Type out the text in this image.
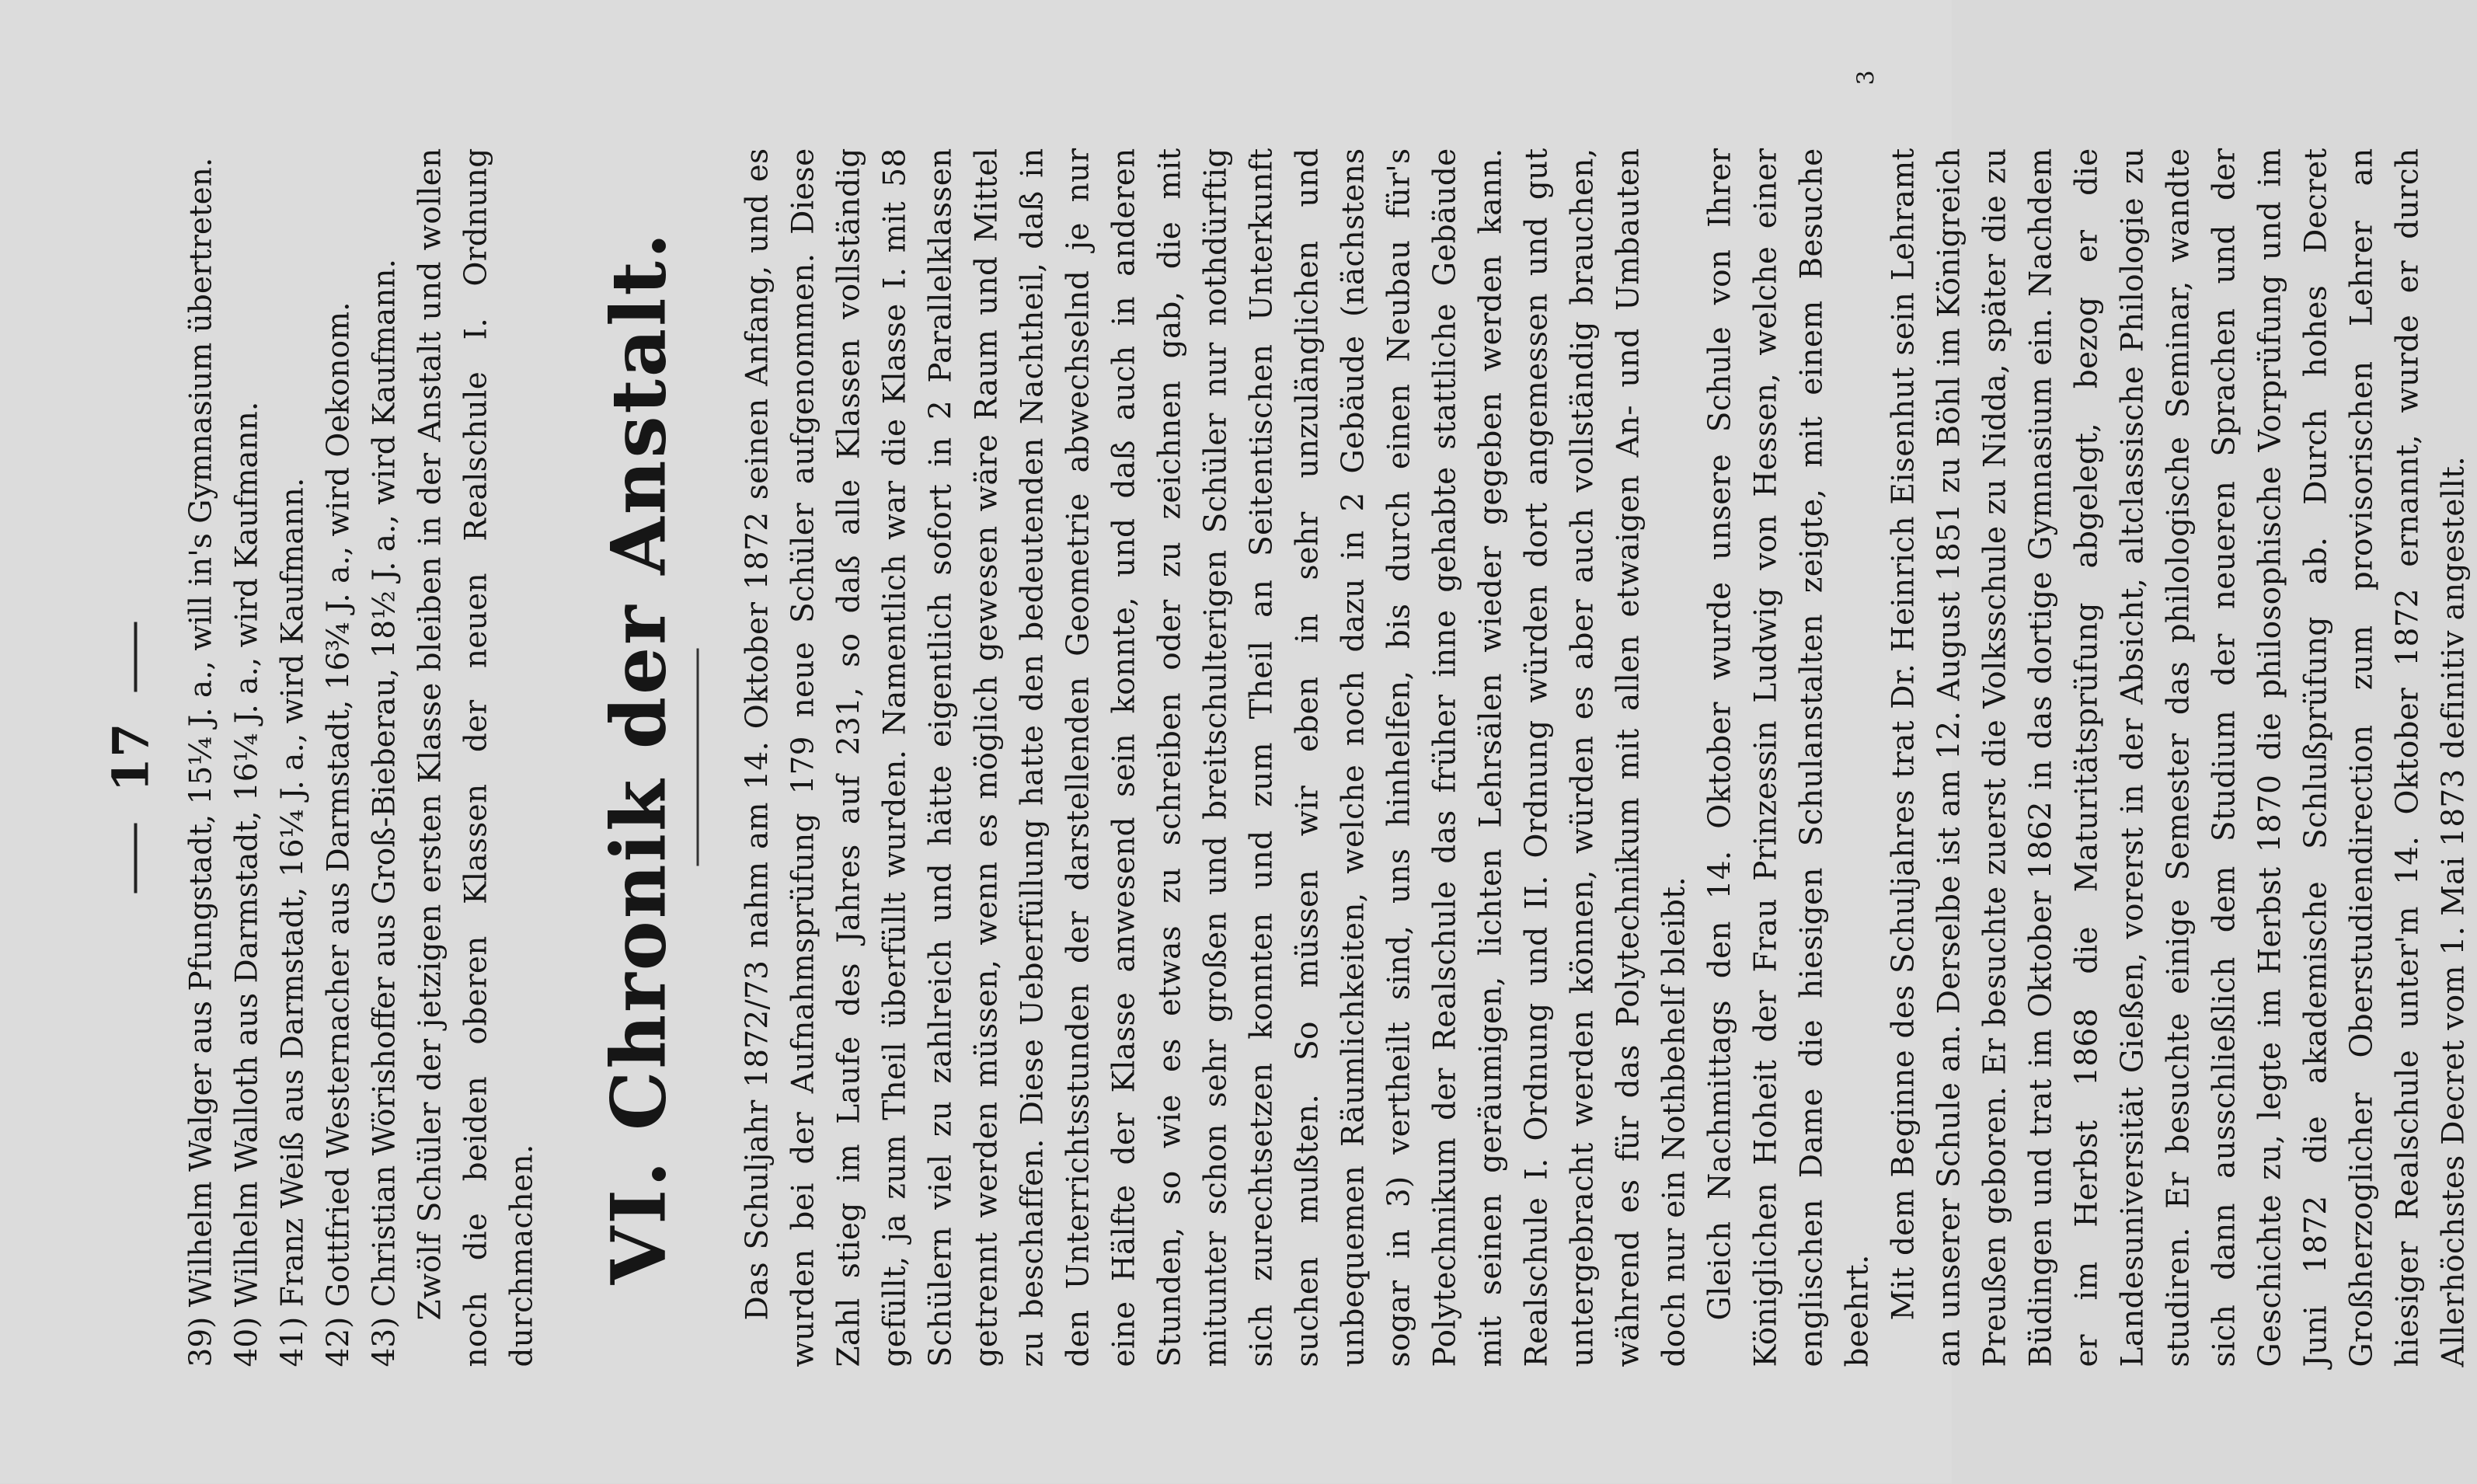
17 39) Wilhelm Walger aus Pfungstadt, 15¼ J. a., will in's Gymnasium übertreten. 40) Wilhelm Walloth aus Darmstadt, 16¼ J. a., wird Kaufmann. 41) Franz Weiß aus Darmstadt, 16¼ J. a., wird Kaufmann. 42) Gottfried Westernacher aus Darmstadt, 16¾ J. a., wird Oekonom. 43) Christian Wörishoffer aus Groß-Bieberau, 18½ J. a., wird Kaufmann. Zwölf Schüler der jetzigen ersten Klasse bleiben in der Anstalt und wollen noch die beiden oberen Klassen der neuen Realschule I. Ordnung durchmachen. VI. Chronik der Anstalt. Das Schuljahr 1872/73 nahm am 14. Oktober 1872 seinen Anfang, und es wurden bei der Aufnahmsprüfung 179 neue Schüler aufgenommen. Diese Zahl stieg im Laufe des Jahres auf 231, so daß alle Klassen vollständig gefüllt, ja zum Theil überfüllt wurden. Namentlich war die Klasse I. mit 58 Schülern viel zu zahlreich und hätte eigentlich sofort in 2 Parallelklassen getrennt werden müssen, wenn es möglich gewesen wäre Raum und Mittel zu beschaffen. Diese Ueberfüllung hatte den bedeutenden Nachtheil, daß in den Unterrichtsstunden der darstellenden Geometrie abwechselnd je nur eine Hälfte der Klasse anwesend sein konnte, und daß auch in anderen Stunden, so wie es etwas zu schreiben oder zu zeichnen gab, die mit mitunter schon sehr großen und breitschulterigen Schüler nur nothdürftig sich zurechtsetzen konnten und zum Theil an Seitentischen Unterkunft suchen mußten. So müssen wir eben in sehr unzulänglichen und unbequemen Räumlichkeiten, welche noch dazu in 2 Gebäude (nächstens sogar in 3) vertheilt sind, uns hinhelfen, bis durch einen Neubau für's Polytechnikum der Realschule das früher inne gehabte stattliche Gebäude mit seinen geräumigen, lichten Lehrsälen wieder gegeben werden kann. Realschule I. Ordnung und II. Ordnung würden dort angemessen und gut untergebracht werden können, würden es aber auch vollständig brauchen, während es für das Polytechnikum mit allen etwaigen An- und Umbauten doch nur ein Nothbehelf bleibt. Gleich Nachmittags den 14. Oktober wurde unsere Schule von Ihrer Königlichen Hoheit der Frau Prinzessin Ludwig von Hessen, welche einer englischen Dame die hiesigen Schulanstalten zeigte, mit einem Besuche beehrt. Mit dem Beginne des Schuljahres trat Dr. Heinrich Eisenhut sein Lehramt an unserer Schule an. Derselbe ist am 12. August 1851 zu Böhl im Königreich Preußen geboren. Er besuchte zuerst die Volksschule zu Nidda, später die zu Büdingen und trat im Oktober 1862 in das dortige Gymnasium ein. Nachdem er im Herbst 1868 die Maturitätsprüfung abgelegt, bezog er die Landesuniversität Gießen, vorerst in der Absicht, altclassische Philologie zu studiren. Er besuchte einige Semester das philologische Seminar, wandte sich dann ausschließlich dem Studium der neueren Sprachen und der Geschichte zu, legte im Herbst 1870 die philosophische Vorprüfung und im Juni 1872 die akademische Schlußprüfung ab. Durch hohes Decret Großherzoglicher Oberstudiendirection zum provisorischen Lehrer an hiesiger Realschule unter'm 14. Oktober 1872 ernannt, wurde er durch Allerhöchstes Decret vom 1. Mai 1873 definitiv angestellt.

3
